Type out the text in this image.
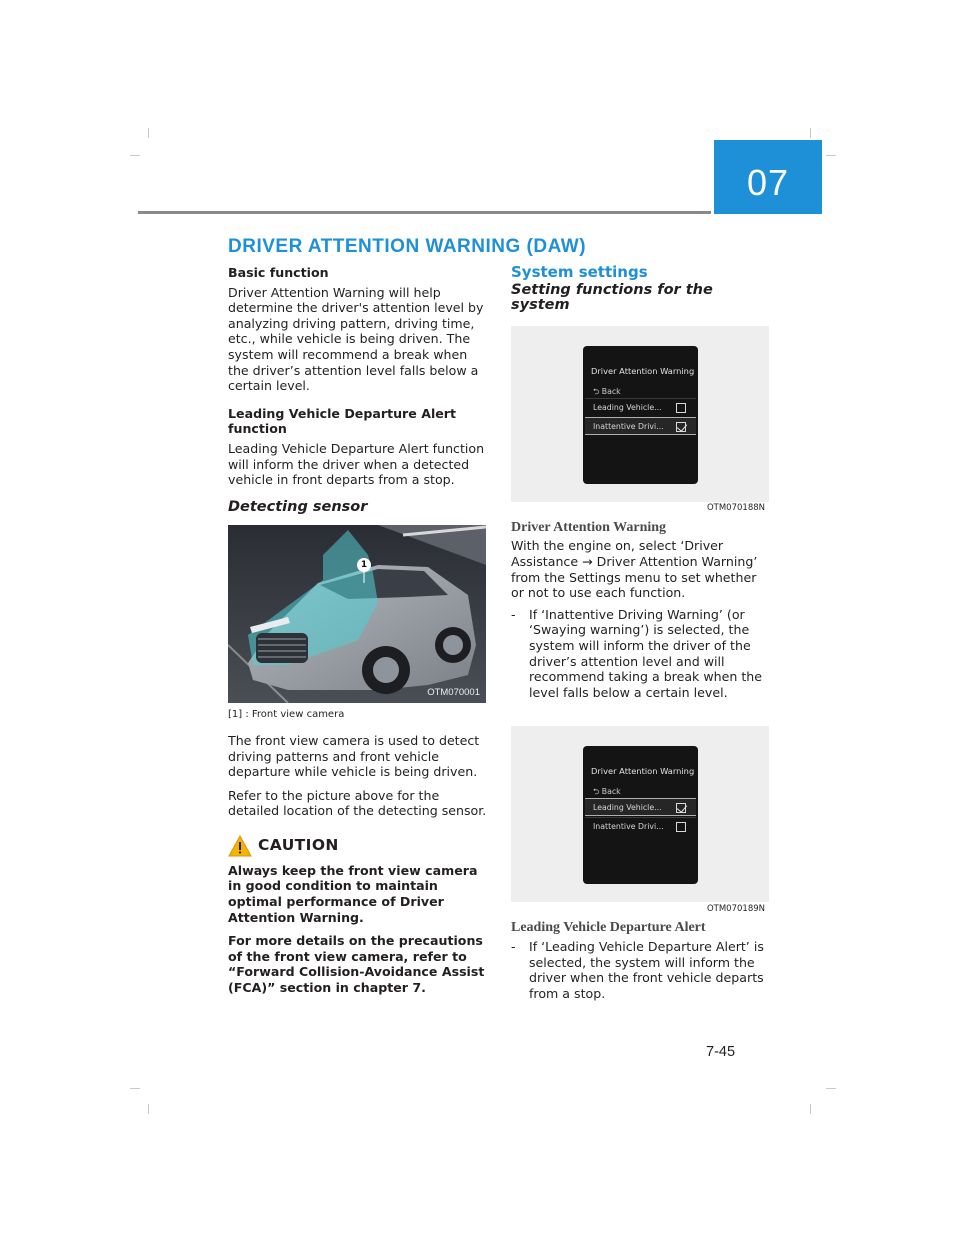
07
DRIVER ATTENTION WARNING (DAW)
Basic function

Driver Attention Warning will help determine the driver's attention level by analyzing driving pattern, driving time, etc., while vehicle is being driven. The system will recommend a break when the driver’s attention level falls below a certain level.

Leading Vehicle Departure Alert function

Leading Vehicle Departure Alert function will inform the driver when a detected vehicle in front departs from a stop.

Detecting sensor
1
OTM070001
[1] : Front view camera

The front view camera is used to detect driving patterns and front vehicle departure while vehicle is being driven.

Refer to the picture above for the detailed location of the detecting sensor.

CAUTION

Always keep the front view camera in good condition to maintain optimal performance of Driver Attention Warning.

For more details on the precautions of the front view camera, refer to “Forward Collision-Avoidance Assist (FCA)” section in chapter 7.

System settings
Setting functions for the system
Driver Attention Warning
⮌ Back
Leading Vehicle...
Inattentive Drivi...
OTM070188N
Driver Attention Warning

With the engine on, select ‘Driver Assistance → Driver Attention Warning’ from the Settings menu to set whether or not to use each function.

- If ‘Inattentive Driving Warning’ (or ‘Swaying warning’) is selected, the system will inform the driver of the driver’s attention level and will recommend taking a break when the level falls below a certain level.
Driver Attention Warning
⮌ Back
Leading Vehicle...
Inattentive Drivi...
OTM070189N
Leading Vehicle Departure Alert
- If ‘Leading Vehicle Departure Alert’ is selected, the system will inform the driver when the front vehicle departs from a stop.
7-45
